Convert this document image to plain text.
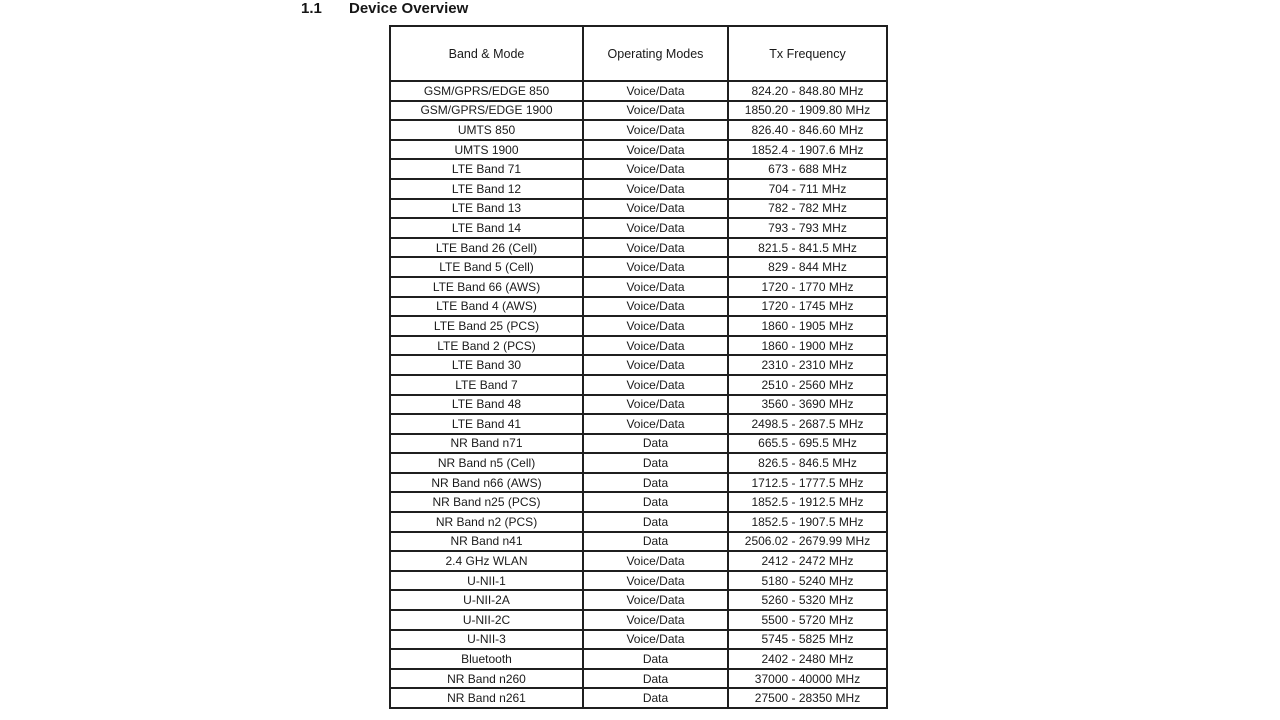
1.1 Device Overview
Band & Mode	Operating Modes	Tx Frequency
GSM/GPRS/EDGE 850	Voice/Data	824.20 - 848.80 MHz
GSM/GPRS/EDGE 1900	Voice/Data	1850.20 - 1909.80 MHz
UMTS 850	Voice/Data	826.40 - 846.60 MHz
UMTS 1900	Voice/Data	1852.4 - 1907.6 MHz
LTE Band 71	Voice/Data	673 - 688 MHz
LTE Band 12	Voice/Data	704 - 711 MHz
LTE Band 13	Voice/Data	782 - 782 MHz
LTE Band 14	Voice/Data	793 - 793 MHz
LTE Band 26 (Cell)	Voice/Data	821.5 - 841.5 MHz
LTE Band 5 (Cell)	Voice/Data	829 - 844 MHz
LTE Band 66 (AWS)	Voice/Data	1720 - 1770 MHz
LTE Band 4 (AWS)	Voice/Data	1720 - 1745 MHz
LTE Band 25 (PCS)	Voice/Data	1860 - 1905 MHz
LTE Band 2 (PCS)	Voice/Data	1860 - 1900 MHz
LTE Band 30	Voice/Data	2310 - 2310 MHz
LTE Band 7	Voice/Data	2510 - 2560 MHz
LTE Band 48	Voice/Data	3560 - 3690 MHz
LTE Band 41	Voice/Data	2498.5 - 2687.5 MHz
NR Band n71	Data	665.5 - 695.5 MHz
NR Band n5 (Cell)	Data	826.5 - 846.5 MHz
NR Band n66 (AWS)	Data	1712.5 - 1777.5 MHz
NR Band n25 (PCS)	Data	1852.5 - 1912.5 MHz
NR Band n2 (PCS)	Data	1852.5 - 1907.5 MHz
NR Band n41	Data	2506.02 - 2679.99 MHz
2.4 GHz WLAN	Voice/Data	2412 - 2472 MHz
U-NII-1	Voice/Data	5180 - 5240 MHz
U-NII-2A	Voice/Data	5260 - 5320 MHz
U-NII-2C	Voice/Data	5500 - 5720 MHz
U-NII-3	Voice/Data	5745 - 5825 MHz
Bluetooth	Data	2402 - 2480 MHz
NR Band n260	Data	37000 - 40000 MHz
NR Band n261	Data	27500 - 28350 MHz
